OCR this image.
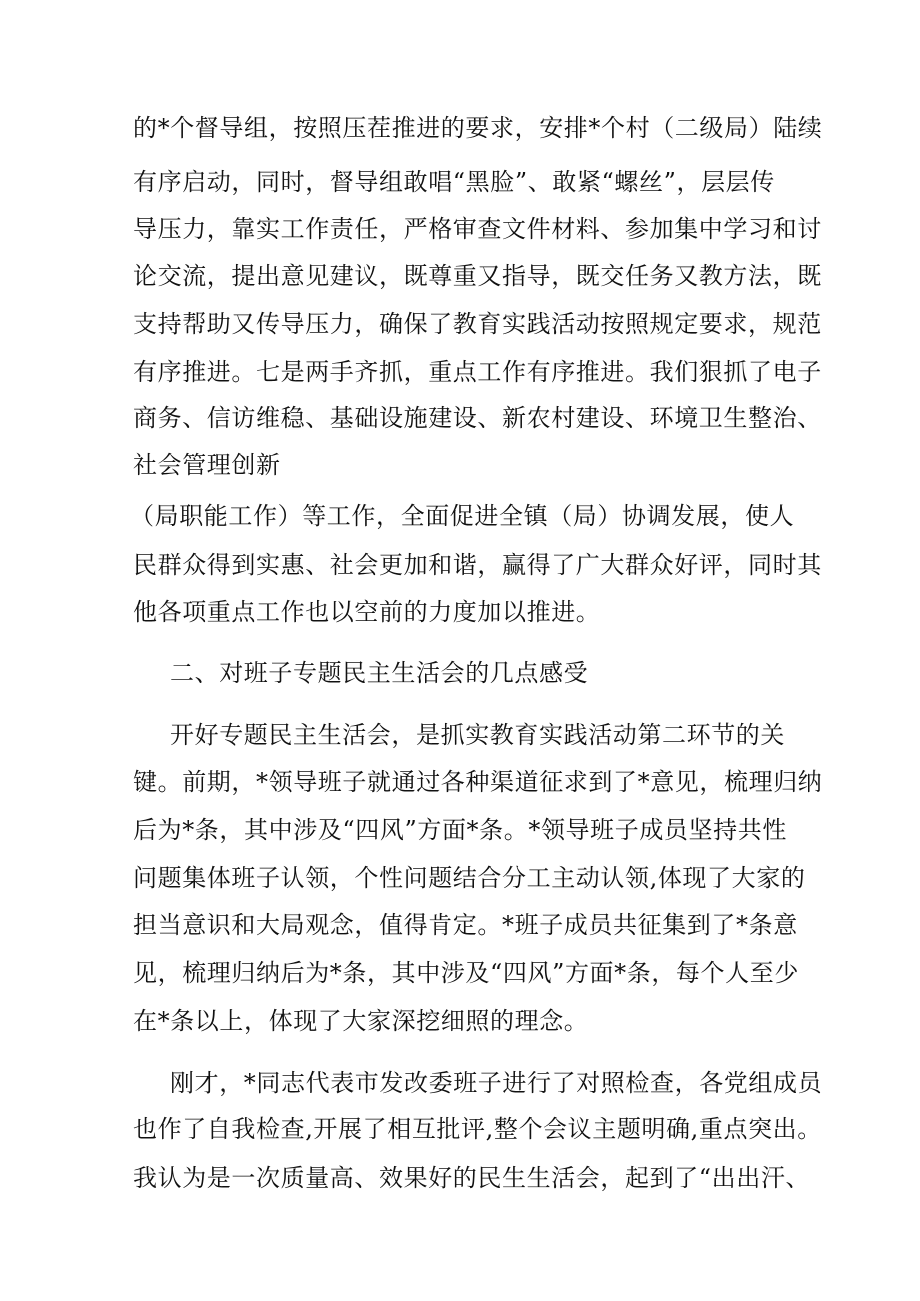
的*个督导组，按照压茬推进的要求，安排*个村（二级局）陆续
有序启动，同时，督导组敢唱“黑脸”、敢紧“螺丝”，层层传
导压力，靠实工作责任，严格审查文件材料、参加集中学习和讨
论交流，提出意见建议，既尊重又指导，既交任务又教方法，既
支持帮助又传导压力，确保了教育实践活动按照规定要求，规范
有序推进。七是两手齐抓，重点工作有序推进。我们狠抓了电子
商务、信访维稳、基础设施建设、新农村建设、环境卫生整治、
社会管理创新
（局职能工作）等工作，全面促进全镇（局）协调发展，使人
民群众得到实惠、社会更加和谐，赢得了广大群众好评，同时其
他各项重点工作也以空前的力度加以推进。
二、对班子专题民主生活会的几点感受
开好专题民主生活会，是抓实教育实践活动第二环节的关
键。前期，*领导班子就通过各种渠道征求到了*意见，梳理归纳
后为*条，其中涉及“四风”方面*条。*领导班子成员坚持共性
问题集体班子认领，个性问题结合分工主动认领,体现了大家的
担当意识和大局观念，值得肯定。*班子成员共征集到了*条意
见，梳理归纳后为*条，其中涉及“四风”方面*条，每个人至少
在*条以上，体现了大家深挖细照的理念。
刚才，*同志代表市发改委班子进行了对照检查，各党组成员
也作了自我检查,开展了相互批评,整个会议主题明确,重点突出。
我认为是一次质量高、效果好的民生生活会，起到了“出出汗、
